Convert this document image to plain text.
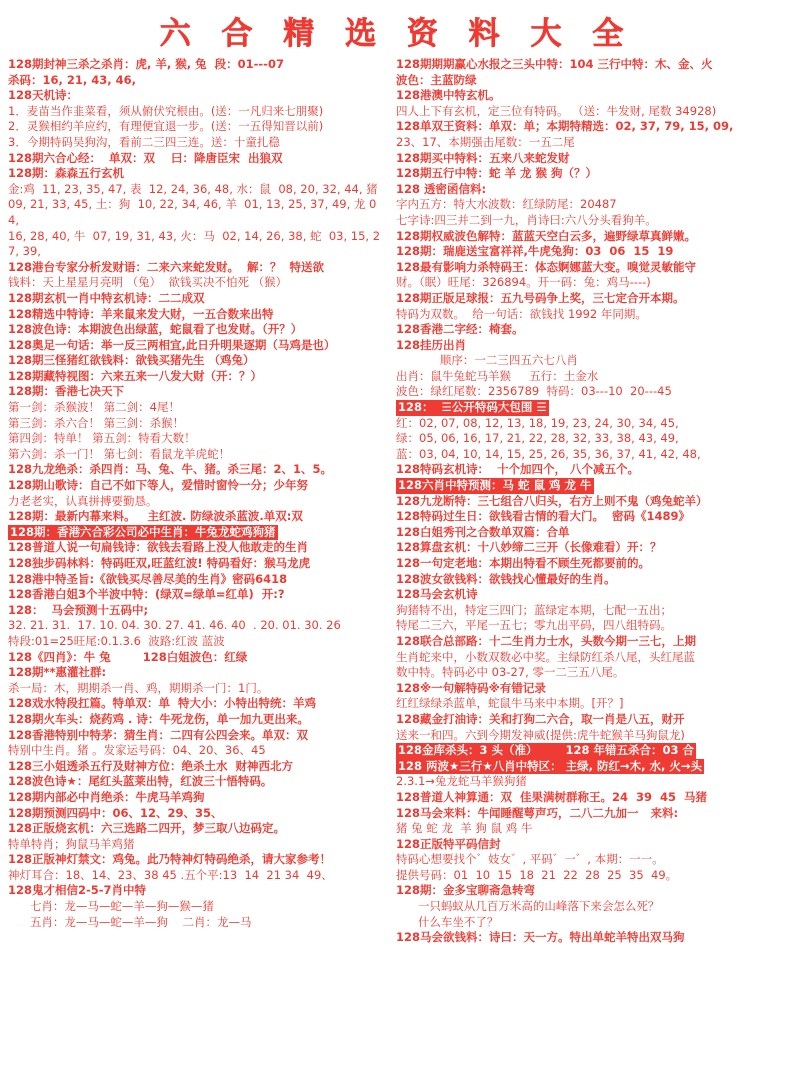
六 合 精 选 资 料 大 全
128期封神三杀之杀肖：虎, 羊, 猴, 兔  段：01---07
杀码：16, 21, 43, 46,
128天机诗：
1．麦苗当作韭菜看，须从俯伏究根由。(送：一凡归来七朋聚)
2．灵猴相约羊应约，有理便宜退一步。(送：一五得知晋以前)
3．今期特码吴狗沟，看前二三四三连。送：十童扎稳
128期六合心经：  单双：双    曰：降唐臣宋  出狼双
128期：森森五行玄机
金:鸡  11, 23, 35, 47, 表  12, 24, 36, 48, 水：鼠  08, 20, 32, 44, 猪
09, 21, 33, 45, 土：狗  10, 22, 34, 46, 羊  01, 13, 25, 37, 49, 龙 04,
16, 28, 40, 牛  07, 19, 31, 43, 火：马  02, 14, 26, 38, 蛇  03, 15, 27, 39,
128港台专家分析发财语：二来六来蛇发财。  解：？  特送欲
钱料：天上星星月亮明 （兔）  欲钱买决不怕死 （猴）
128期玄机一肖中特玄机诗：二二成双
128精选中特诗：羊来鼠来发大财，一五合数来出特
128波色诗：本期波色出绿蓝，蛇鼠看了也发财。（开？）
128奥足一句话：举一反三两相宜,此日升明果逐期（马鸡是也）
128期三怪猪红欲钱料：欲钱买猪先生 （鸡兔）
128期藏特视图：六来五来一八发大财（开：？）
128期：香港七决天下
第一剑：杀猴波！ 第二剑：4尾！
第三剑：杀六合！ 第三剑：杀猴！
第四剑：特单！ 第五剑：特看大数！
第六剑：杀一门！ 第七剑：看鼠龙羊虎蛇！
128九龙绝杀：杀四肖：马、兔、牛、猪。杀三尾：2、1、5。
128期山歌诗：自己不如下等人，爱惜时窗怜一分；少年努
力老老实，认真拼搏要勤恳。
128期：最新内幕来料。   主红波. 防绿波杀蓝波.单双:双
128期：香港六合彩公司必中生肖：牛兔龙蛇鸡狗猪
128普道人说一句扁钱诗：欲钱去看路上没人他敢走的生肖
128独步码林料：特码旺双,旺蓝红波! 特码看好：猴马龙虎
128港中特圣旨:《欲钱买尽善尽美的生肖》密码6418
128香港白姐3个半波中特：(绿双=绿单=红单)  开:?
128：  马会预测十五码中;
32. 21. 31.  17. 10. 04. 30. 27. 41. 46. 40  . 20. 01. 30. 26
特段:01=25旺尾:0.1.3.6  波路:红波 蓝波
128《四肖》：牛 兔        128白姐波色：红绿
128期**惠灌社群:
杀一局：木，期期杀一肖、鸡，期期杀一门：1门。
128戏水特段扛篇。特单双：单  特大小：小特出特统：羊鸡
128期火车头：烧药鸡 . 诗：牛死龙伤，单一加九更出来。
128香港特别中特茅：猜生肖：二四有公四会来。单双：双
特别中生肖。猪 。发家运号码：04、20、36、45
128三小姐透杀五行及财神方位：绝杀土水  财神西北方
128波色诗★：尾红头蓝莱出特，红波三十悟特码。
128期内部必中肖绝杀：牛虎马羊鸡狗
128期预测四码中：06、12、29、35、
128正版烧玄机：六三选路二四开，梦三取八边码定。
特单特肖；狗鼠马羊鸡猪
128正版神灯禁文：鸡兔。此乃特神灯特码绝杀，请大家参考！
神灯耳合：18、14、23、38 45 .五个平:13  14  21 34  49、
128鬼才相信2-5-7肖中特
七肖：龙—马—蛇—羊—狗—猴—猪
五肖：龙—马—蛇—羊—狗    二肖：龙—马
128期期期赢心水报之三头中特：104 三行中特：木、金、火
波色：主蓝防绿
128港澳中特玄机。
四人上下有玄机，定三位有特码。 （送：牛发财, 尾数 34928)
128单双王资料：单双：单；本期特精选：02, 37, 79, 15, 09,
23、17、本期强击尾数：一五二尾
128期买中特料：五来八来蛇发财
128期五行中特：蛇 羊 龙 猴 狗（？）
128 透密函信料:
字内五方：特大水波数：红绿防尾：20487
七字诗:四三并二到一九，肖诗曰:六八分头看狗羊。
128期权威波色解特：蓝蓝天空白云多，遍野绿草真鲜嫩。
128期：瑞鹿送宝富祥祥,牛虎兔狗：03  06  15  19
128最有影响力杀特码王：体态婀娜蓝大变。嗅觉灵敏能守
财。（眠）旺尾：326894。开一码：兔：鸡马----)
128期正版足球报：五九号码争上奖，三七定合开本期。
特码为双数。  给一句话：欲钱找 1992 年同期。
128香港二字经：椅套。
128挂历出肖
顺序：一二三四五六七八肖
出肖：鼠牛兔蛇马羊猴     五行：土金水
波色：绿红尾数：2356789  特码：03---10  20---45
128：  ☰公开特码大包围 ☰
红：02, 07, 08, 12, 13, 18, 19, 23, 24, 30, 34, 45,
绿：05, 06, 16, 17, 21, 22, 28, 32, 33, 38, 43, 49,
蓝：03, 04, 10, 14, 15, 25, 26, 35, 36, 37, 41, 42, 48,
128特码玄机诗：  十个加四个， 八个减五个。
128六肖中特预测：马 蛇 鼠 鸡 龙 牛
128九龙断特：三七组合八归头，右方上则不鬼（鸡兔蛇羊）
128特码过生日：欲钱看古情的看大门。  密码《1489》
128白姐秀刊之合数单双篇：合单
128算盘玄机：十八妙缔二三开（长像难看）开：？
128一句定老地：本期出特看不顾生死都要前的。
128波女欲钱料：欲钱找心懂最好的生肖。
128马会玄机诗
狗猪特不出，特定三四门；蓝绿定本期，七配一五出；
特尾二三六，平尾一五七；零九出平码，四八组特码。
128联合总部路：十二生肖力士水，头数今期一三七，上期
生肖蛇来中，小数双数必中奖。主绿防红杀八尾，头红尾蓝
数中特。特码必中 03-27, 零一二三五八尾。
128※一句解特码※有错记录
红红绿绿杀蓝单，蛇鼠牛马来中本期。[开？]
128藏金打油诗：关和打狗二六合，取一肖是八五，财开
送来一和四。六到今期发神威(提供:虎牛蛇猴羊马狗鼠龙)
128金库杀头：3 头（准）       128 年错五杀合：03 合
128 两波★三行★八肖中特区： 主绿, 防红→木, 水, 火→头
2.3.1→兔龙蛇马羊猴狗猪
128普道人神算通：双  佳果满树群称王。24  39  45  马猪
128马会来料：牛闻睡醒萼声巧，二八二九加一   来料:
猪 兔 蛇 龙  羊 狗 鼠 鸡 牛
128正版特平码信封
特码心想要找个゛妓女゛, 平码゛一゛, 本期：一一。
提供号码：01  10  15  18  21  22  28  25  35  49。
128期：金多宝聊斋急转弯
一只蚂蚁从几百万米高的山峰落下来会怎么死？
什么车坐不了？
128马会欲钱料：诗曰：天一方。特出单蛇羊特出双马狗
